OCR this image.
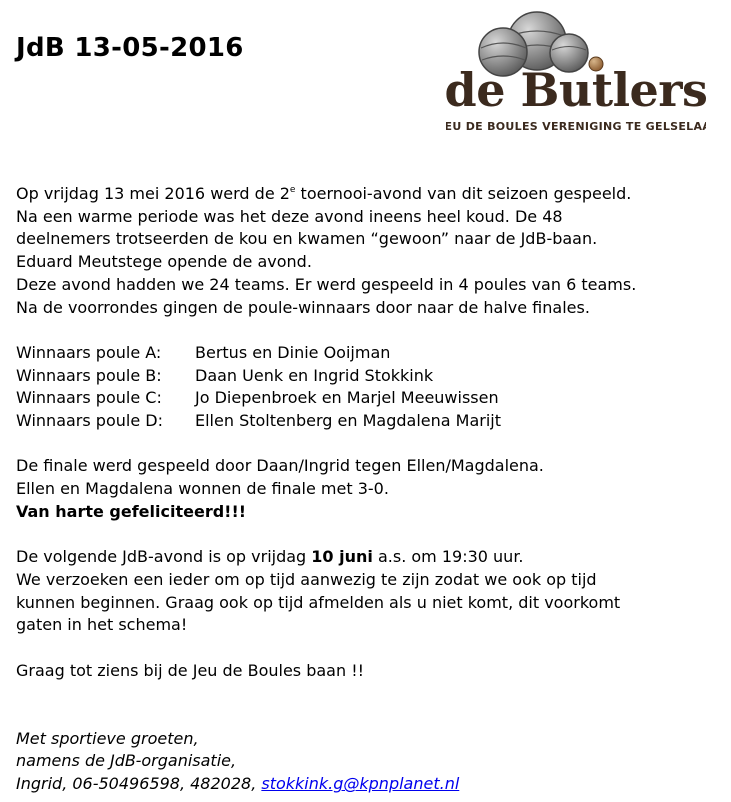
JdB 13-05-2016
de Butlers
JEU DE BOULES VERENIGING TE GELSELAAR

Op vrijdag 13 mei 2016 werd de 2e toernooi-avond van dit seizoen gespeeld.

Na een warme periode was het deze avond ineens heel koud. De 48

deelnemers trotseerden de kou en kwamen “gewoon” naar de JdB-baan.

Eduard Meutstege opende de avond.

Deze avond hadden we 24 teams. Er werd gespeeld in 4 poules van 6 teams.

Na de voorrondes gingen de poule-winnaars door naar de halve finales.

Winnaars poule A:	Bertus en Dinie Ooijman
Winnaars poule B:	Daan Uenk en Ingrid Stokkink
Winnaars poule C:	Jo Diepenbroek en Marjel Meeuwissen
Winnaars poule D:	Ellen Stoltenberg en Magdalena Marijt

De finale werd gespeeld door Daan/Ingrid tegen Ellen/Magdalena.

Ellen en Magdalena wonnen de finale met 3-0.

Van harte gefeliciteerd!!!

De volgende JdB-avond is op vrijdag 10 juni a.s. om 19:30 uur.

We verzoeken een ieder om op tijd aanwezig te zijn zodat we ook op tijd

kunnen beginnen. Graag ook op tijd afmelden als u niet komt, dit voorkomt

gaten in het schema!

Graag tot ziens bij de Jeu de Boules baan !!

Met sportieve groeten,

namens de JdB-organisatie,

Ingrid, 06-50496598, 482028, stokkink.g@kpnplanet.nl
